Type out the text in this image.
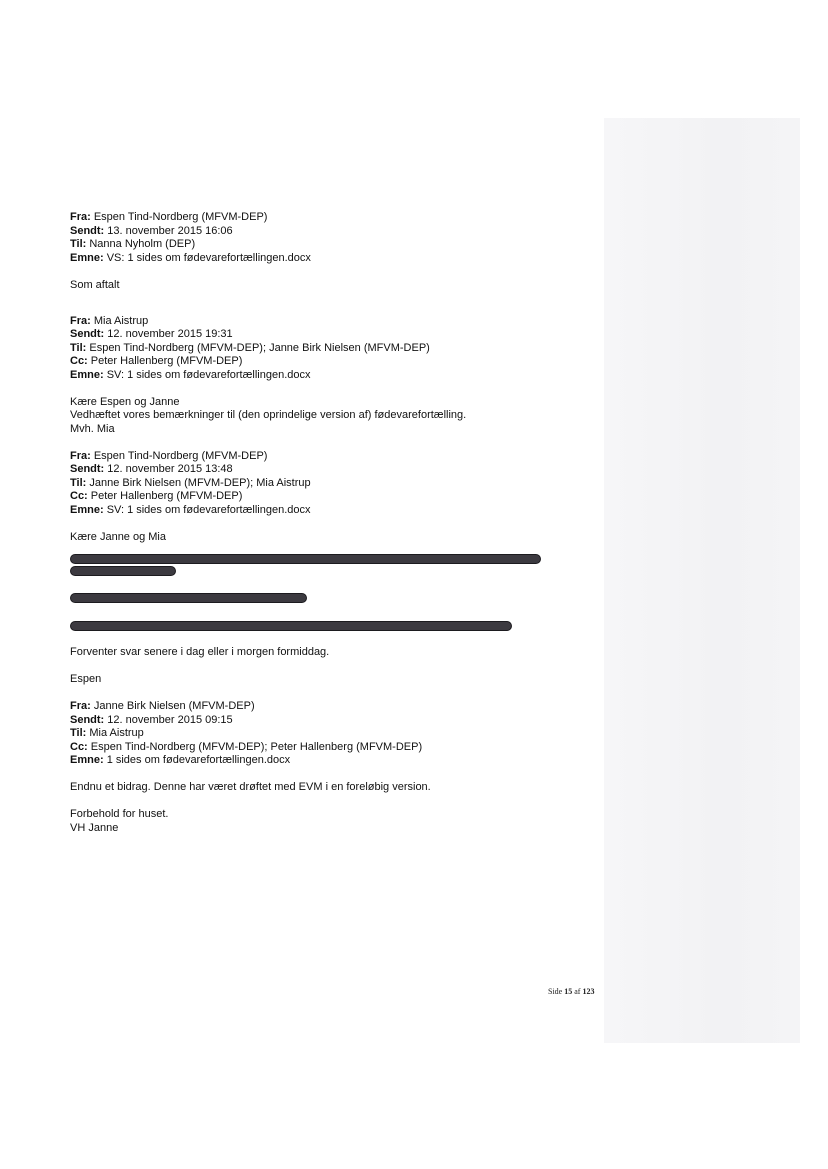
Fra: Espen Tind-Nordberg (MFVM-DEP)

Sendt: 13. november 2015 16:06

Til: Nanna Nyholm (DEP)

Emne: VS: 1 sides om fødevarefortællingen.docx

Som aftalt

Fra: Mia Aistrup

Sendt: 12. november 2015 19:31

Til: Espen Tind-Nordberg (MFVM-DEP); Janne Birk Nielsen (MFVM-DEP)

Cc: Peter Hallenberg (MFVM-DEP)

Emne: SV: 1 sides om fødevarefortællingen.docx

Kære Espen og Janne

Vedhæftet vores bemærkninger til (den oprindelige version af) fødevarefortælling.

Mvh. Mia

Fra: Espen Tind-Nordberg (MFVM-DEP)

Sendt: 12. november 2015 13:48

Til: Janne Birk Nielsen (MFVM-DEP); Mia Aistrup

Cc: Peter Hallenberg (MFVM-DEP)

Emne: SV: 1 sides om fødevarefortællingen.docx

Kære Janne og Mia

Forventer svar senere i dag eller i morgen formiddag.

Espen

Fra: Janne Birk Nielsen (MFVM-DEP)

Sendt: 12. november 2015 09:15

Til: Mia Aistrup

Cc: Espen Tind-Nordberg (MFVM-DEP); Peter Hallenberg (MFVM-DEP)

Emne: 1 sides om fødevarefortællingen.docx

Endnu et bidrag. Denne har været drøftet med EVM i en foreløbig version.

Forbehold for huset.

VH Janne

Side 15 af 123
